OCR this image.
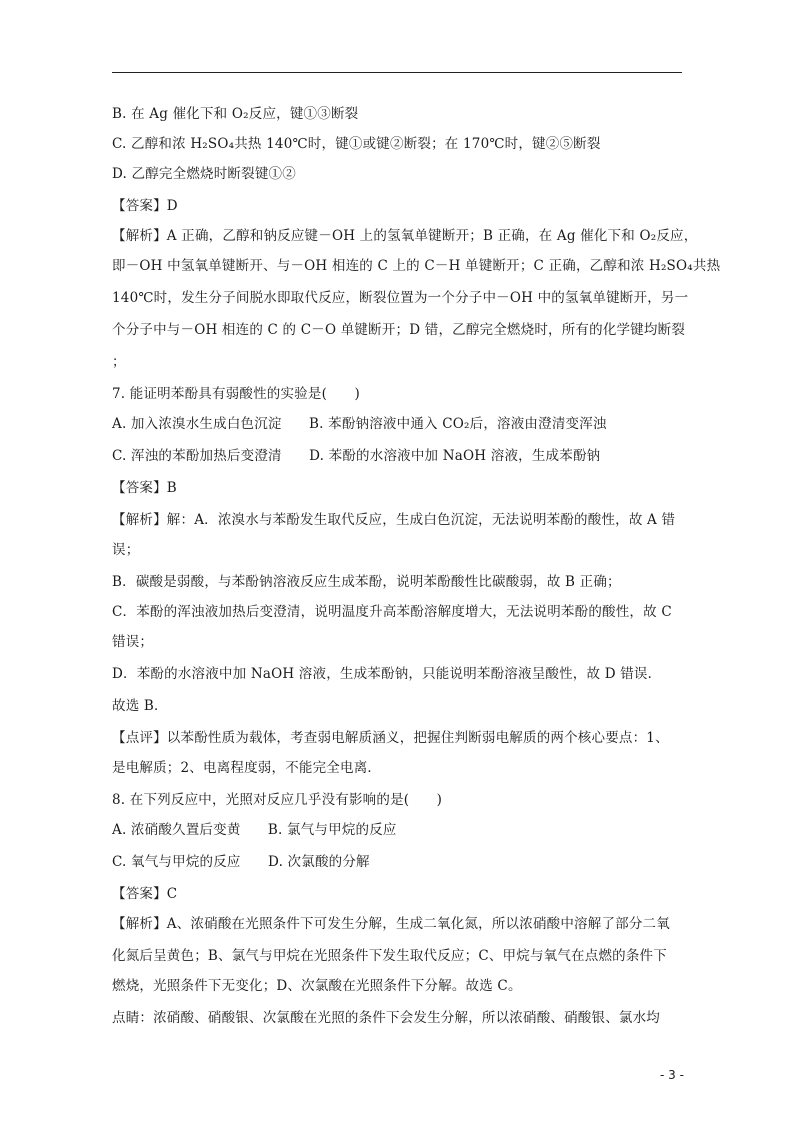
B. 在 Ag 催化下和 O₂反应，键①③断裂
C. 乙醇和浓 H₂SO₄共热 140℃时，键①或键②断裂；在 170℃时，键②⑤断裂
D. 乙醇完全燃烧时断裂键①②
【答案】D
【解析】A 正确，乙醇和钠反应键－OH 上的氢氧单键断开；B 正确，在 Ag 催化下和 O₂反应，
即－OH 中氢氧单键断开、与－OH 相连的 C 上的 C－H 单键断开；C 正确，乙醇和浓 H₂SO₄共热
140℃时，发生分子间脱水即取代反应，断裂位置为一个分子中－OH 中的氢氧单键断开，另一
个分子中与－OH 相连的 C 的 C－O 单键断开；D 错，乙醇完全燃烧时，所有的化学键均断裂
；
7. 能证明苯酚具有弱酸性的实验是(　　)
A. 加入浓溴水生成白色沉淀　　B. 苯酚钠溶液中通入 CO₂后，溶液由澄清变浑浊
C. 浑浊的苯酚加热后变澄清　　D. 苯酚的水溶液中加 NaOH 溶液，生成苯酚钠
【答案】B
【解析】解：A．浓溴水与苯酚发生取代反应，生成白色沉淀，无法说明苯酚的酸性，故 A 错
误；
B．碳酸是弱酸，与苯酚钠溶液反应生成苯酚，说明苯酚酸性比碳酸弱，故 B 正确；
C．苯酚的浑浊液加热后变澄清，说明温度升高苯酚溶解度增大，无法说明苯酚的酸性，故 C
错误；
D．苯酚的水溶液中加 NaOH 溶液，生成苯酚钠，只能说明苯酚溶液呈酸性，故 D 错误．
故选 B．
【点评】以苯酚性质为载体，考查弱电解质涵义，把握住判断弱电解质的两个核心要点：1、
是电解质；2、电离程度弱，不能完全电离．
8. 在下列反应中，光照对反应几乎没有影响的是(　　)
A. 浓硝酸久置后变黄　　B. 氯气与甲烷的反应
C. 氧气与甲烷的反应　　D. 次氯酸的分解
【答案】C
【解析】A、浓硝酸在光照条件下可发生分解，生成二氧化氮，所以浓硝酸中溶解了部分二氧
化氮后呈黄色；B、氯气与甲烷在光照条件下发生取代反应；C、甲烷与氧气在点燃的条件下
燃烧，光照条件下无变化；D、次氯酸在光照条件下分解。故选 C。
点睛：浓硝酸、硝酸银、次氯酸在光照的条件下会发生分解，所以浓硝酸、硝酸银、氯水均
- 3 -
